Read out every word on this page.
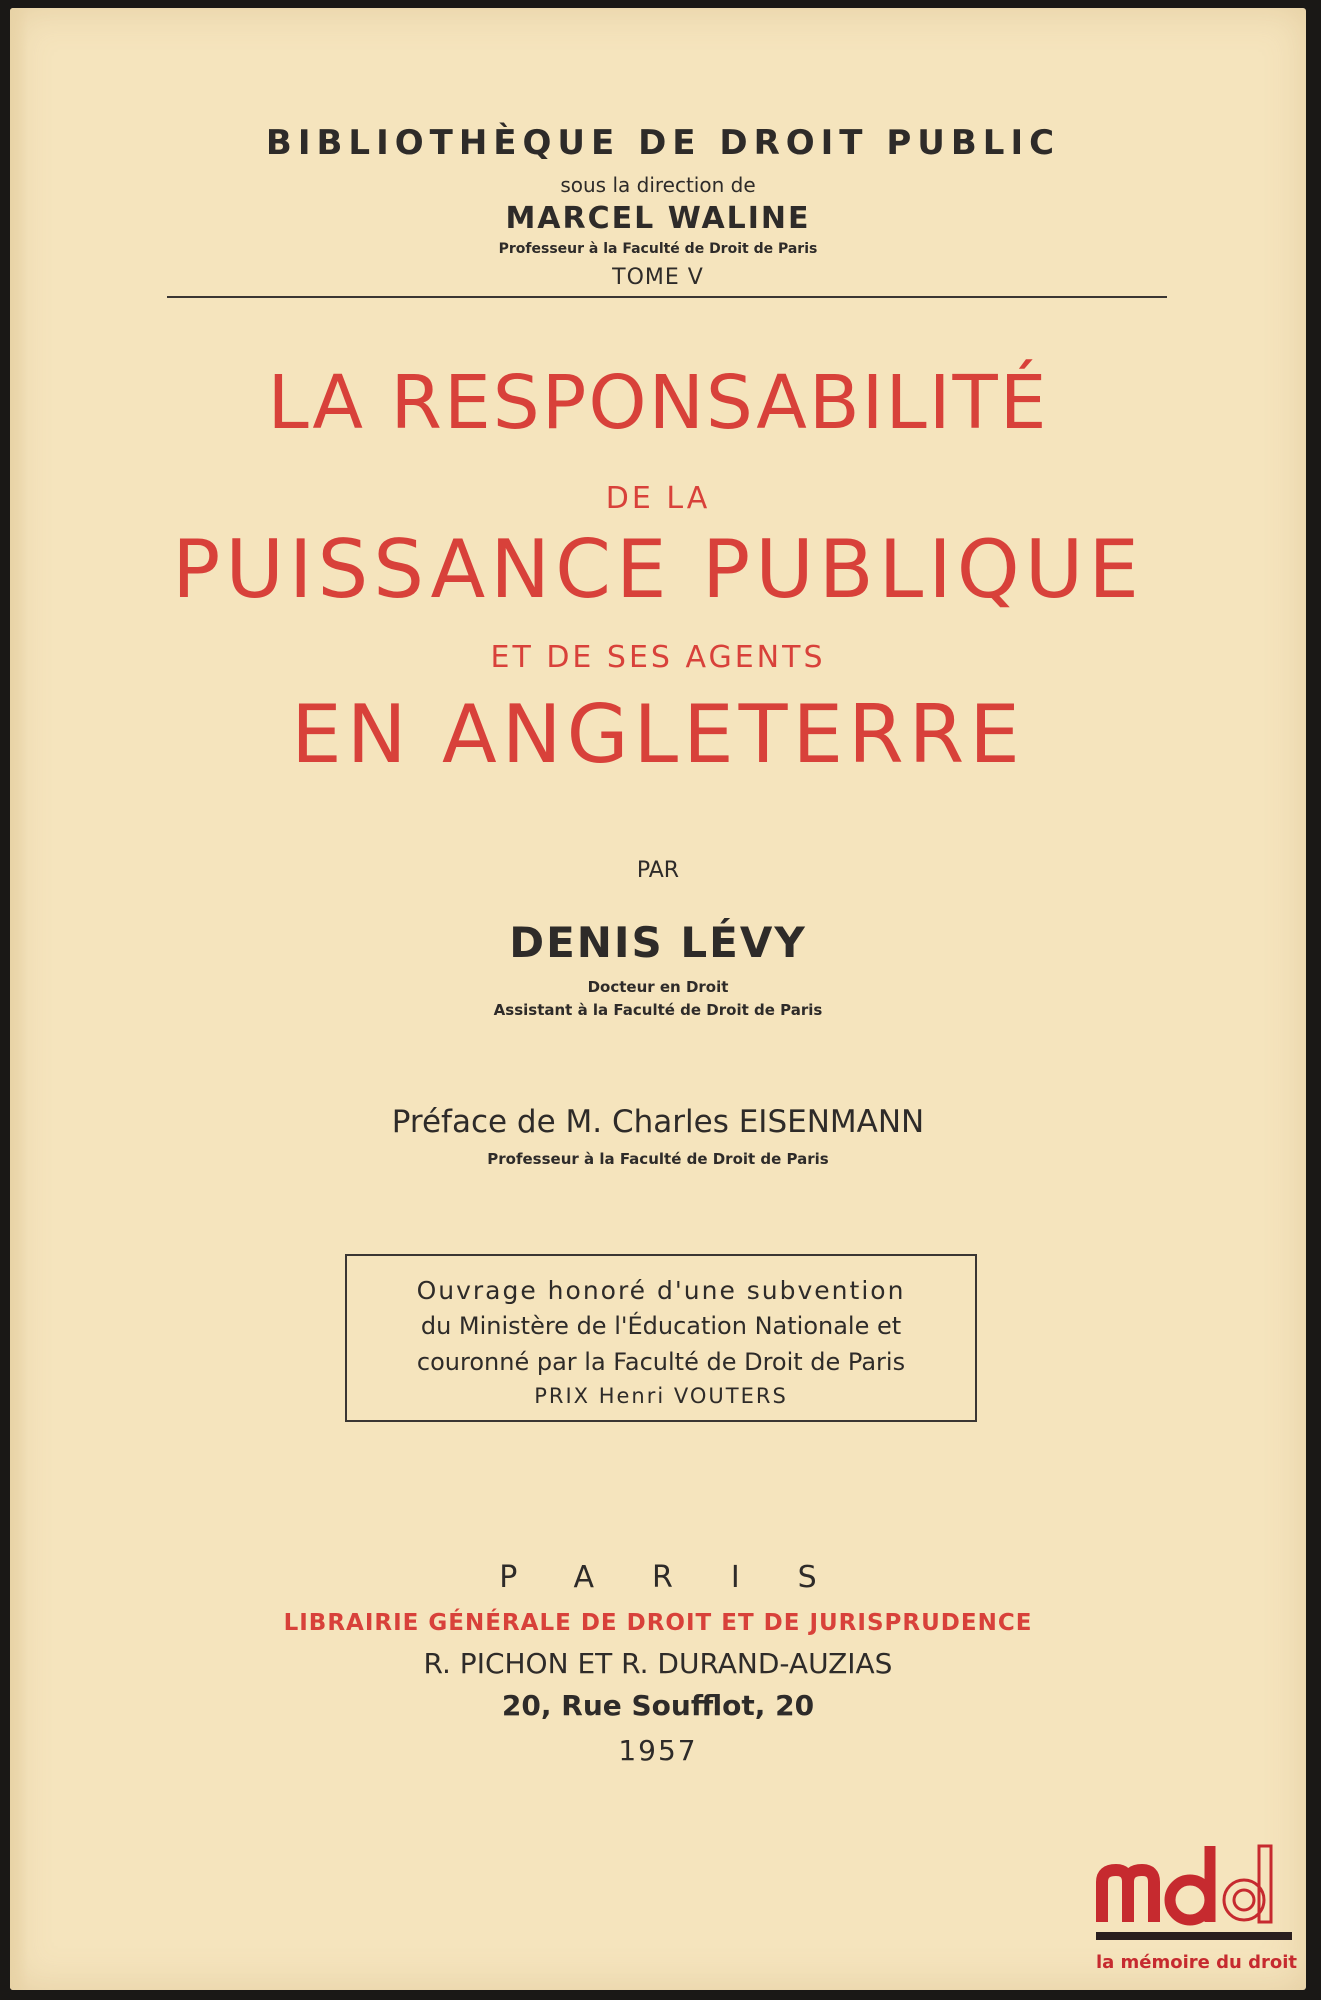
BIBLIOTHÈQUE DE DROIT PUBLIC
sous la direction de
MARCEL WALINE
Professeur à la Faculté de Droit de Paris
TOME V
LA RESPONSABILITÉ
DE LA
PUISSANCE PUBLIQUE
ET DE SES AGENTS
EN ANGLETERRE
PAR
DENIS LÉVY
Docteur en Droit
Assistant à la Faculté de Droit de Paris
Préface de M. Charles EISENMANN
Professeur à la Faculté de Droit de Paris
Ouvrage honoré d'une subvention
du Ministère de l'Éducation Nationale et
couronné par la Faculté de Droit de Paris
PRIX Henri VOUTERS
PARIS
LIBRAIRIE GÉNÉRALE DE DROIT ET DE JURISPRUDENCE
R. PICHON ET R. DURAND-AUZIAS
20, Rue Soufflot, 20
1957
la mémoire du droit
